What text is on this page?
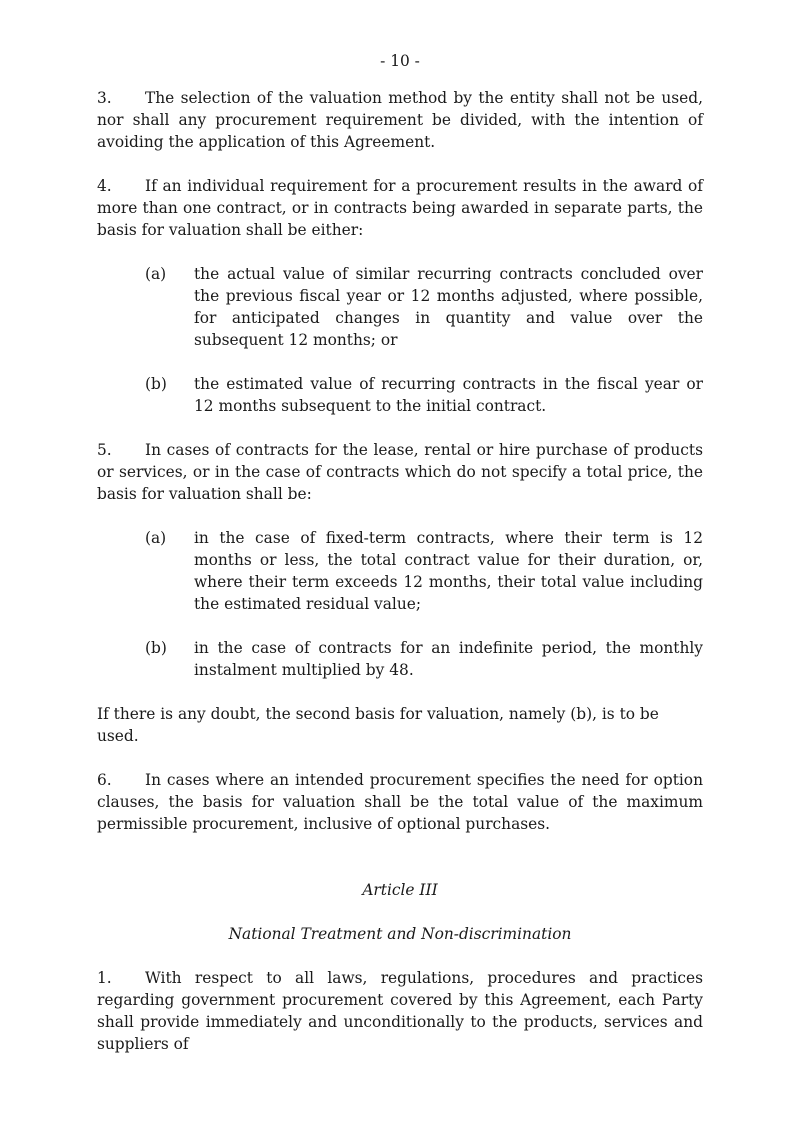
- 10 -

3. The selection of the valuation method by the entity shall not be used, nor shall any procurement requirement be divided, with the intention of avoiding the application of this Agreement.

4. If an individual requirement for a procurement results in the award of more than one contract, or in contracts being awarded in separate parts, the basis for valuation shall be either:

(a) the actual value of similar recurring contracts concluded over the previous fiscal year or 12 months adjusted, where possible, for anticipated changes in quantity and value over the subsequent 12 months; or
(b) the estimated value of recurring contracts in the fiscal year or 12 months subsequent to the initial contract.

5. In cases of contracts for the lease, rental or hire purchase of products or services, or in the case of contracts which do not specify a total price, the basis for valuation shall be:

(a) in the case of fixed-term contracts, where their term is 12 months or less, the total contract value for their duration, or, where their term exceeds 12 months, their total value including the estimated residual value;
(b) in the case of contracts for an indefinite period, the monthly instalment multiplied by 48.

If there is any doubt, the second basis for valuation, namely (b), is to be used.

6. In cases where an intended procurement specifies the need for option clauses, the basis for valuation shall be the total value of the maximum permissible procurement, inclusive of optional purchases.

Article III

National Treatment and Non-discrimination

1. With respect to all laws, regulations, procedures and practices regarding government procurement covered by this Agreement, each Party shall provide immediately and unconditionally to the products, services and suppliers of
